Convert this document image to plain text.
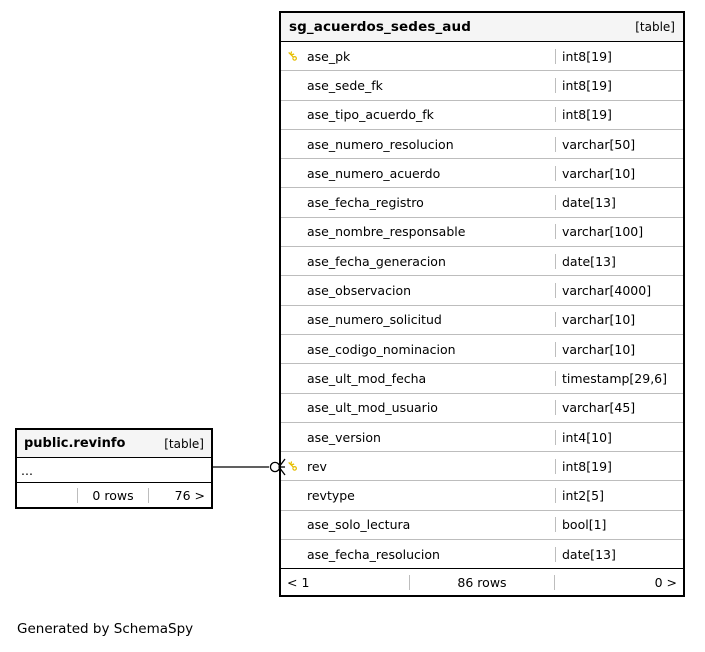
sg_acuerdos_sedes_aud	[table]
⚷ ase_pk	int8[19]
ase_sede_fk	int8[19]
ase_tipo_acuerdo_fk	int8[19]
ase_numero_resolucion	varchar[50]
ase_numero_acuerdo	varchar[10]
ase_fecha_registro	date[13]
ase_nombre_responsable	varchar[100]
ase_fecha_generacion	date[13]
ase_observacion	varchar[4000]
ase_numero_solicitud	varchar[10]
ase_codigo_nominacion	varchar[10]
ase_ult_mod_fecha	timestamp[29,6]
ase_ult_mod_usuario	varchar[45]
ase_version	int4[10]
⚷ rev	int8[19]
revtype	int2[5]
ase_solo_lectura	bool[1]
ase_fecha_resolucion	date[13]
< 1	86 rows	0 >
public.revinfo	[table]
...
0 rows	76 >
Generated by SchemaSpy
